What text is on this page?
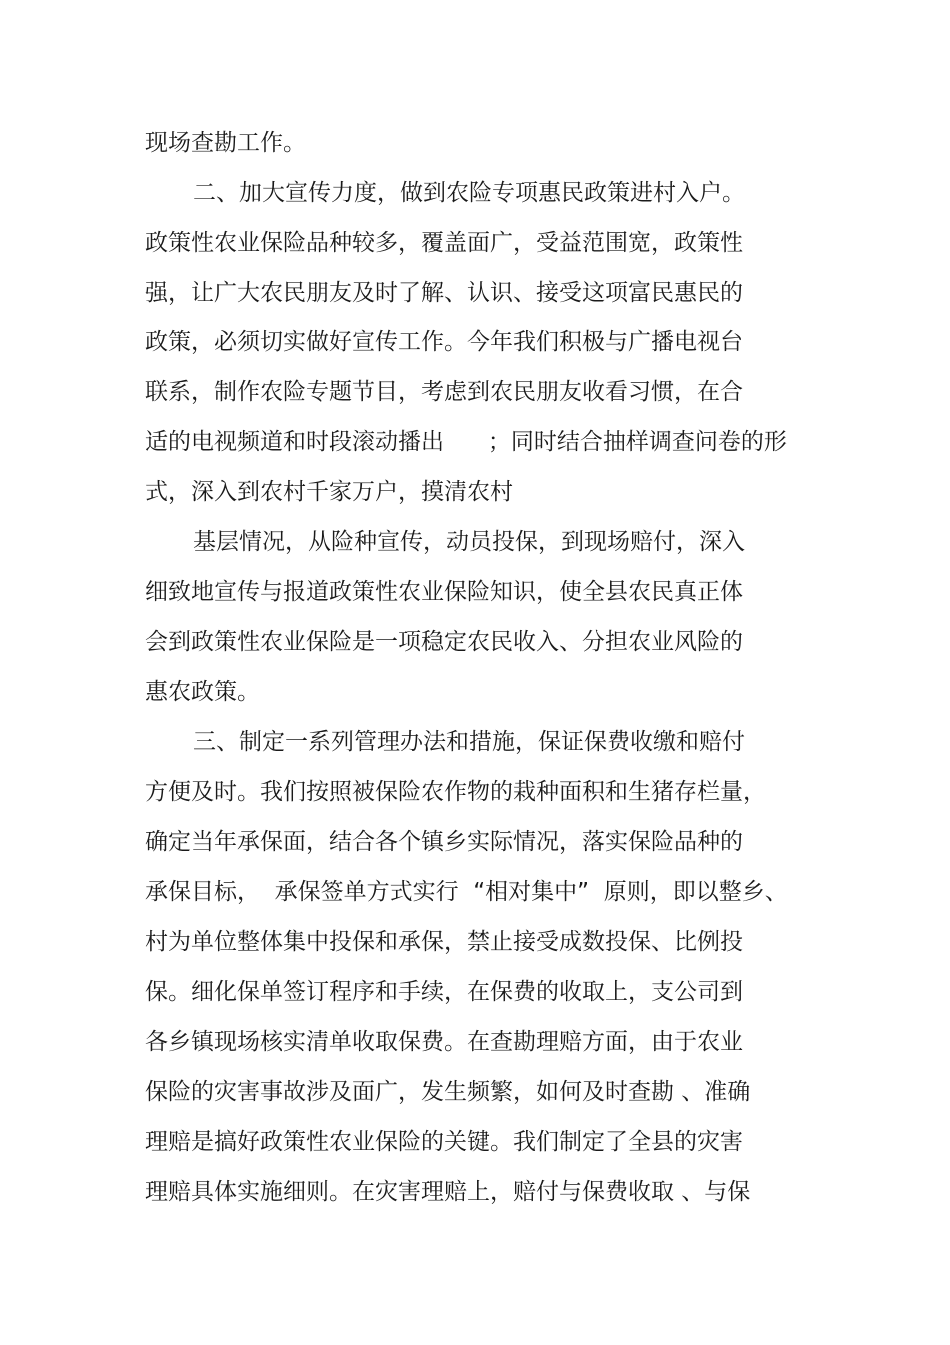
现场查勘工作。
二、加大宣传力度，做到农险专项惠民政策进村入户。
政策性农业保险品种较多，覆盖面广，受益范围宽，政策性
强，让广大农民朋友及时了解、认识、接受这项富民惠民的
政策，必须切实做好宣传工作。今年我们积极与广播电视台
联系，制作农险专题节目，考虑到农民朋友收看习惯，在合
适的电视频道和时段滚动播出      ；同时结合抽样调查问卷的形
式，深入到农村千家万户，摸清农村
基层情况，从险种宣传，动员投保，到现场赔付，深入
细致地宣传与报道政策性农业保险知识，使全县农民真正体
会到政策性农业保险是一项稳定农民收入、分担农业风险的
惠农政策。
三、制定一系列管理办法和措施，保证保费收缴和赔付
方便及时。我们按照被保险农作物的栽种面积和生猪存栏量，
确定当年承保面，结合各个镇乡实际情况，落实保险品种的
承保目标，  承保签单方式实行  “相对集中”  原则，即以整乡、
村为单位整体集中投保和承保，禁止接受成数投保、比例投
保。细化保单签订程序和手续，在保费的收取上，支公司到
各乡镇现场核实清单收取保费。在查勘理赔方面，由于农业
保险的灾害事故涉及面广，发生频繁，如何及时查勘 、准确
理赔是搞好政策性农业保险的关键。我们制定了全县的灾害
理赔具体实施细则。在灾害理赔上，赔付与保费收取 、与保
